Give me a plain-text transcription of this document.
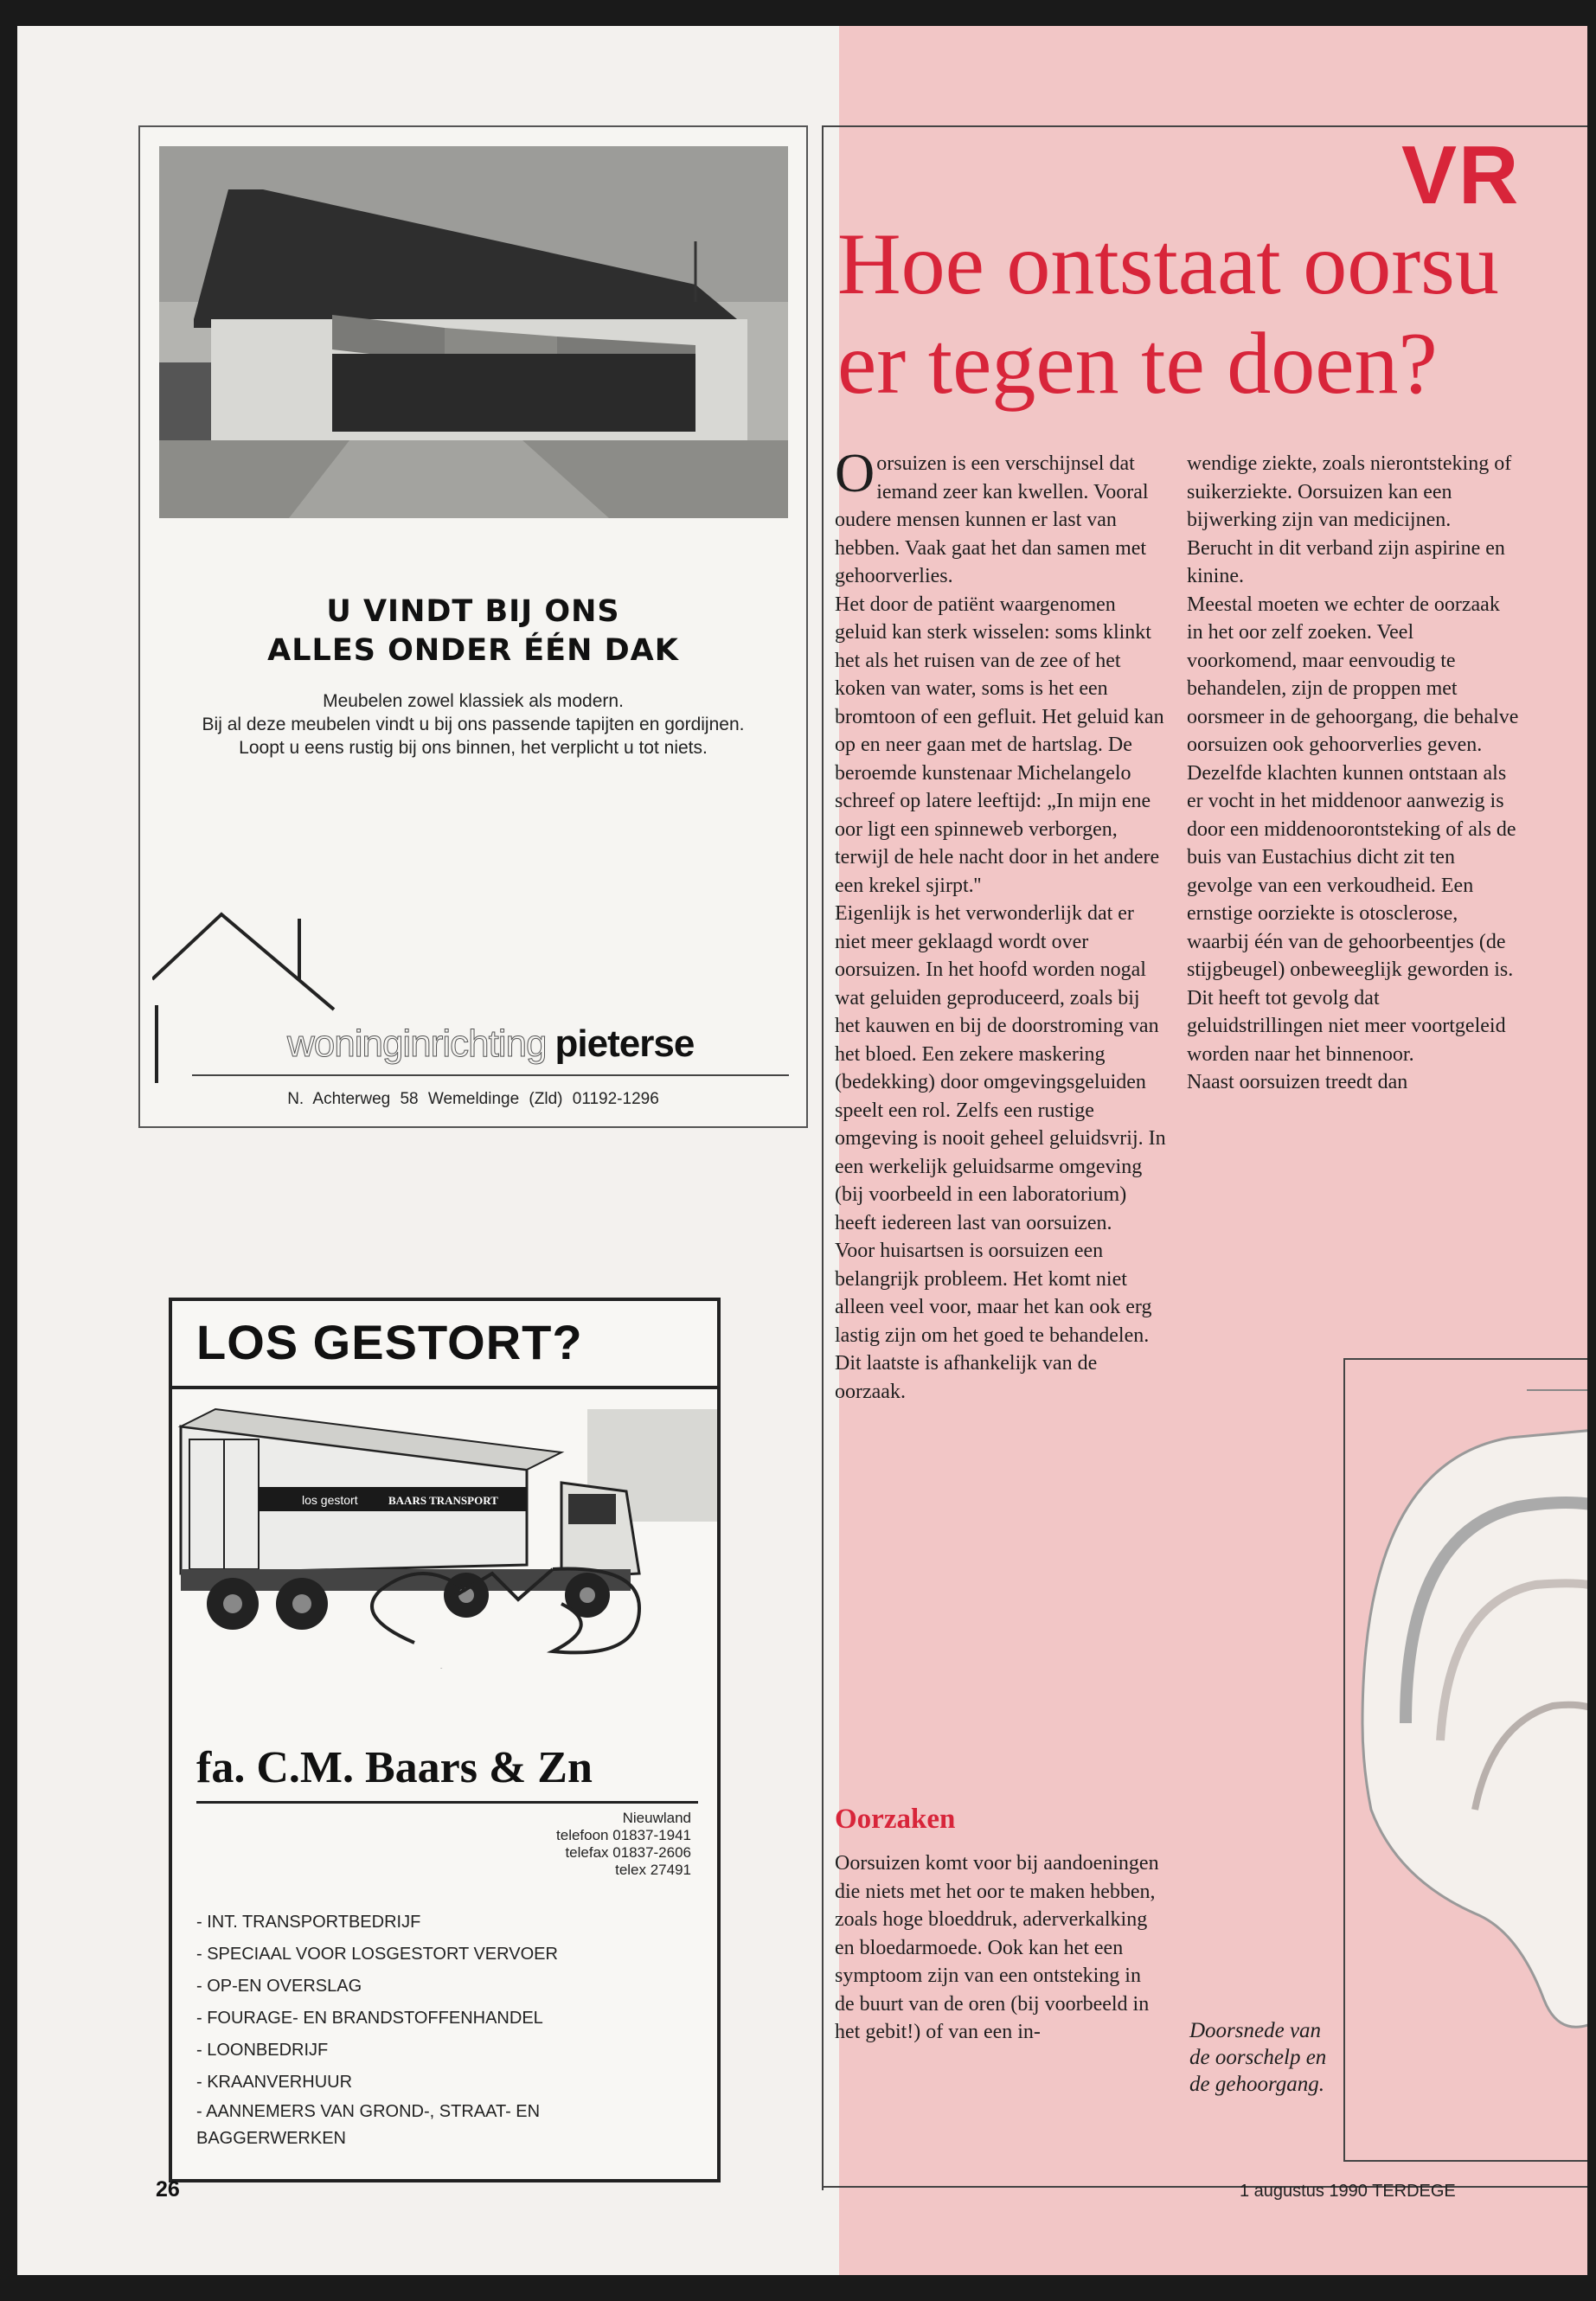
U VINDT BIJ ONS
ALLES ONDER ÉÉN DAK
Meubelen zowel klassiek als modern.
Bij al deze meubelen vindt u bij ons passende tapijten en gordijnen.
Loopt u eens rustig bij ons binnen, het verplicht u tot niets.
woninginrichting pieterse
N. Achterweg 58 Wemeldinge (Zld) 01192-1296
LOS GESTORT?
los gestort	BAARS TRANSPORT
CMB
fa. C.M. Baars & Zn
Nieuwland
telefoon 01837-1941
telefax 01837-2606
telex 27491
- INT. TRANSPORTBEDRIJF
- SPECIAAL VOOR LOSGESTORT VERVOER
- OP-EN OVERSLAG
- FOURAGE- EN BRANDSTOFFENHANDEL
- LOONBEDRIJF
- KRAANVERHUUR
- AANNEMERS VAN GROND-, STRAAT- EN BAGGERWERKEN
26
VR
Hoe ontstaat oorsu
er tegen te doen?

Oorsuizen is een verschijnsel dat iemand zeer kan kwellen. Vooral oudere mensen kunnen er last van hebben. Vaak gaat het dan samen met gehoorverlies.

Het door de patiënt waargenomen geluid kan sterk wisselen: soms klinkt het als het ruisen van de zee of het koken van water, soms is het een bromtoon of een gefluit. Het geluid kan op en neer gaan met de hartslag. De beroemde kunstenaar Michelangelo schreef op latere leeftijd: „In mijn ene oor ligt een spinneweb verborgen, terwijl de hele nacht door in het andere een krekel sjirpt.''

Eigenlijk is het verwonderlijk dat er niet meer geklaagd wordt over oorsuizen. In het hoofd worden nogal wat geluiden geproduceerd, zoals bij het kauwen en bij de doorstroming van het bloed. Een zekere maskering (bedekking) door omgevingsgeluiden speelt een rol. Zelfs een rustige omgeving is nooit geheel geluidsvrij. In een werkelijk geluidsarme omgeving (bij voorbeeld in een laboratorium) heeft iedereen last van oorsuizen.

Voor huisartsen is oorsuizen een belangrijk probleem. Het komt niet alleen veel voor, maar het kan ook erg lastig zijn om het goed te behandelen. Dit laatste is afhankelijk van de oorzaak.

Oorzaken

Oorsuizen komt voor bij aandoeningen die niets met het oor te maken hebben, zoals hoge bloeddruk, aderverkalking en bloedarmoede. Ook kan het een symptoom zijn van een ontsteking in de buurt van de oren (bij voorbeeld in het gebit!) of van een in-

wendige ziekte, zoals nierontsteking of suikerziekte. Oorsuizen kan een bijwerking zijn van medicijnen. Berucht in dit verband zijn aspirine en kinine.

Meestal moeten we echter de oorzaak in het oor zelf zoeken. Veel voorkomend, maar eenvoudig te behandelen, zijn de proppen met oorsmeer in de gehoorgang, die behalve oorsuizen ook gehoorverlies geven.

Dezelfde klachten kunnen ontstaan als er vocht in het middenoor aanwezig is door een middenoorontsteking of als de buis van Eustachius dicht zit ten gevolge van een verkoudheid. Een ernstige oorziekte is otosclerose, waarbij één van de gehoorbeentjes (de stijgbeugel) onbeweeglijk geworden is. Dit heeft tot gevolg dat geluidstrillingen niet meer voortgeleid worden naar het binnenoor.

Naast oorsuizen treedt dan

Doorsnede van de oorschelp en de gehoorgang.
1 augustus 1990 TERDEGE
